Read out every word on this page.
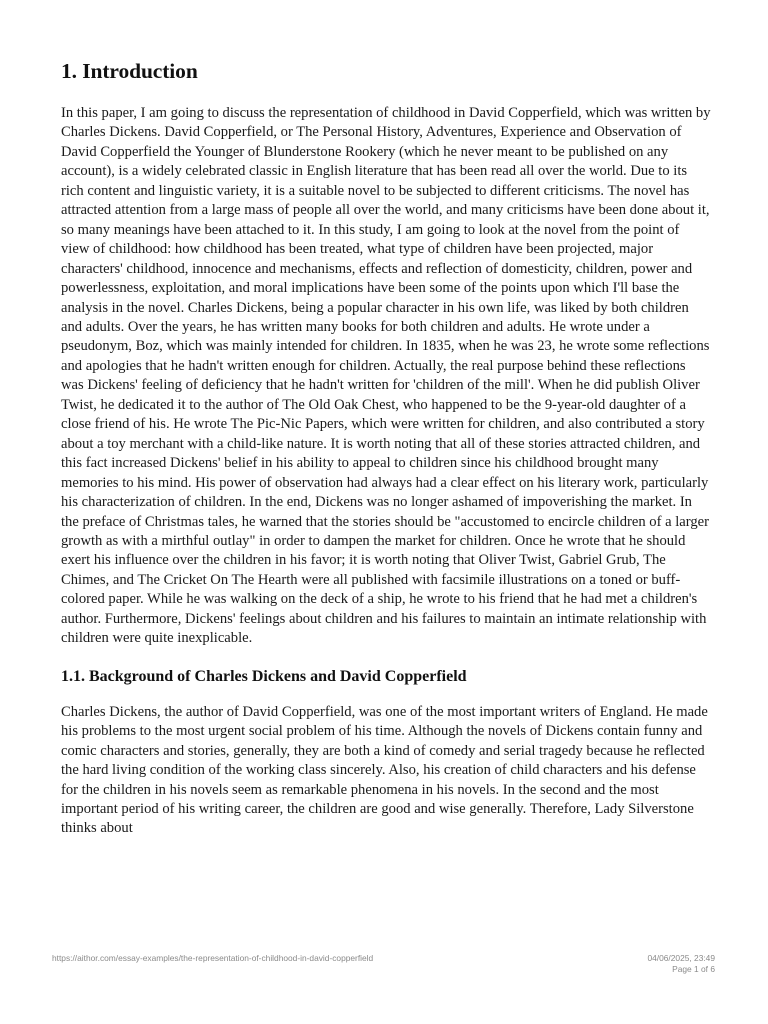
1. Introduction

In this paper, I am going to discuss the representation of childhood in David Copperfield, which was written by Charles Dickens. David Copperfield, or The Personal History, Adventures, Experience and Observation of David Copperfield the Younger of Blunderstone Rookery (which he never meant to be published on any account), is a widely celebrated classic in English literature that has been read all over the world. Due to its rich content and linguistic variety, it is a suitable novel to be subjected to different criticisms. The novel has attracted attention from a large mass of people all over the world, and many criticisms have been done about it, so many meanings have been attached to it. In this study, I am going to look at the novel from the point of view of childhood: how childhood has been treated, what type of children have been projected, major characters' childhood, innocence and mechanisms, effects and reflection of domesticity, children, power and powerlessness, exploitation, and moral implications have been some of the points upon which I'll base the analysis in the novel. Charles Dickens, being a popular character in his own life, was liked by both children and adults. Over the years, he has written many books for both children and adults. He wrote under a pseudonym, Boz, which was mainly intended for children. In 1835, when he was 23, he wrote some reflections and apologies that he hadn't written enough for children. Actually, the real purpose behind these reflections was Dickens' feeling of deficiency that he hadn't written for 'children of the mill'. When he did publish Oliver Twist, he dedicated it to the author of The Old Oak Chest, who happened to be the 9-year-old daughter of a close friend of his. He wrote The Pic-Nic Papers, which were written for children, and also contributed a story about a toy merchant with a child-like nature. It is worth noting that all of these stories attracted children, and this fact increased Dickens' belief in his ability to appeal to children since his childhood brought many memories to his mind. His power of observation had always had a clear effect on his literary work, particularly his characterization of children. In the end, Dickens was no longer ashamed of impoverishing the market. In the preface of Christmas tales, he warned that the stories should be "accustomed to encircle children of a larger growth as with a mirthful outlay" in order to dampen the market for children. Once he wrote that he should exert his influence over the children in his favor; it is worth noting that Oliver Twist, Gabriel Grub, The Chimes, and The Cricket On The Hearth were all published with facsimile illustrations on a toned or buff-colored paper. While he was walking on the deck of a ship, he wrote to his friend that he had met a children's author. Furthermore, Dickens' feelings about children and his failures to maintain an intimate relationship with children were quite inexplicable.

1.1. Background of Charles Dickens and David Copperfield

Charles Dickens, the author of David Copperfield, was one of the most important writers of England. He made his problems to the most urgent social problem of his time. Although the novels of Dickens contain funny and comic characters and stories, generally, they are both a kind of comedy and serial tragedy because he reflected the hard living condition of the working class sincerely. Also, his creation of child characters and his defense for the children in his novels seem as remarkable phenomena in his novels. In the second and the most important period of his writing career, the children are good and wise generally. Therefore, Lady Silverstone thinks about

https://aithor.com/essay-examples/the-representation-of-childhood-in-david-copperfield	04/06/2025, 23:49
Page 1 of 6
